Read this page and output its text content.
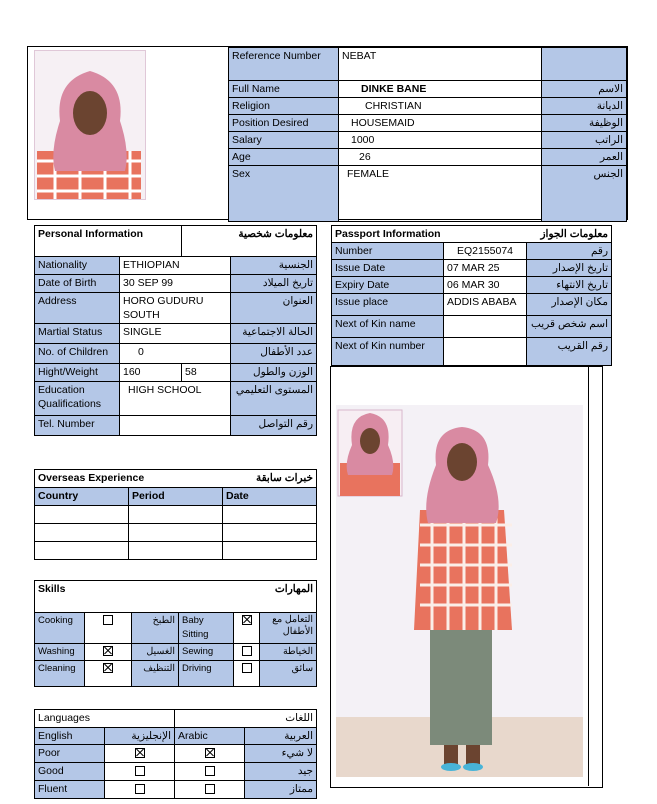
Reference Number	NEBAT	
Full Name	DINKE BANE	الاسم
Religion	CHRISTIAN	الديانة
Position Desired	HOUSEMAID	الوظيفة
Salary	1000	الراتب
Age	26	العمر
Sex	FEMALE	الجنس
Personal Information		معلومات شخصية	
Nationality	ETHIOPIAN		الجنسية
Date of Birth	30 SEP 99		تاريخ الميلاد
Address	HORO GUDURU SOUTH		العنوان
Martial Status	SINGLE		الحالة الاجتماعية
No. of Children	0		عدد الأطفال
Hight/Weight	160	58	الوزن والطول
Education Qualifications	HIGH SCHOOL		المستوى التعليمي
Tel. Number			رقم التواصل
Passport Information		معلومات الجواز
Number	EQ2155074	رقم
Issue Date	07 MAR 25	تاريخ الإصدار
Expiry Date	06 MAR 30	تاريخ الانتهاء
Issue place	ADDIS ABABA	مكان الإصدار
Next of Kin name		اسم شخص قريب
Next of Kin number		رقم القريب
Overseas Experience		خبرات سابقة
Country	Period	Date

Skills			المهارات		
Cooking		الطبخ	Baby Sitting		التعامل مع الأطفال
Washing		الغسيل	Sewing		الخياطة
Cleaning		التنظيف	Driving		سائق
Languages		اللغات	
English	الإنجليزية	Arabic	العربية
Poor			لا شيء
Good			جيد
Fluent			ممتاز
